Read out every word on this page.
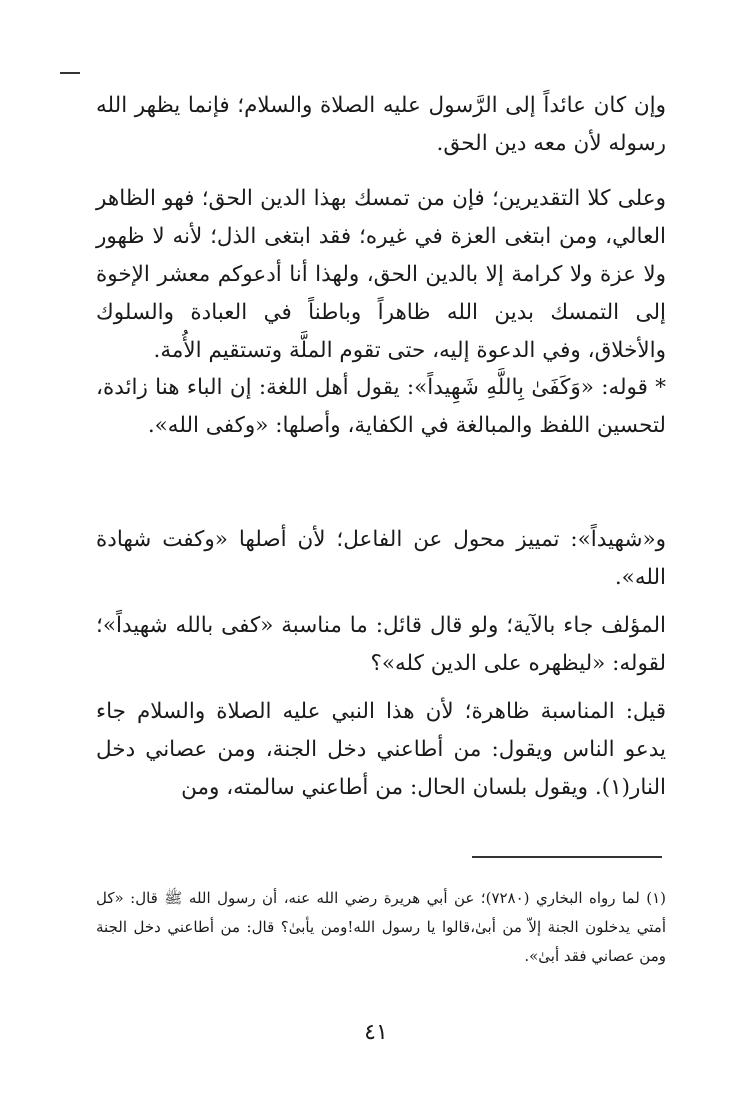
وإن كان عائداً إلى الرَّسول عليه الصلاة والسلام؛ فإنما يظهر الله رسوله لأن معه دين الحق.

وعلى كلا التقديرين؛ فإن من تمسك بهذا الدين الحق؛ فهو الظاهر العالي، ومن ابتغى العزة في غيره؛ فقد ابتغى الذل؛ لأنه لا ظهور ولا عزة ولا كرامة إلا بالدين الحق، ولهذا أنا أدعوكم معشر الإخوة إلى التمسك بدين الله ظاهراً وباطناً في العبادة والسلوك والأخلاق، وفي الدعوة إليه، حتى تقوم الملَّة وتستقيم الأُمة.

* قوله: «وَكَفَىٰ بِاللَّهِ شَهِيداً»: يقول أهل اللغة: إن الباء هنا زائدة، لتحسين اللفظ والمبالغة في الكفاية، وأصلها: «وكفى الله».

و«شهيداً»: تمييز محول عن الفاعل؛ لأن أصلها «وكفت شهادة الله».

المؤلف جاء بالآية؛ ولو قال قائل: ما مناسبة «كفى بالله شهيداً»؛ لقوله: «ليظهره على الدين كله»؟

قيل: المناسبة ظاهرة؛ لأن هذا النبي عليه الصلاة والسلام جاء يدعو الناس ويقول: من أطاعني دخل الجنة، ومن عصاني دخل النار(١). ويقول بلسان الحال: من أطاعني سالمته، ومن

(١) لما رواه البخاري (٧٢٨٠)؛ عن أبي هريرة رضي الله عنه، أن رسول الله ﷺ قال: «كل أمتي يدخلون الجنة إلاّ من أبىٰ،قالوا يا رسول الله!ومن يأبىٰ؟ قال: من أطاعني دخل الجنة ومن عصاني فقد أبىٰ».
٤١
